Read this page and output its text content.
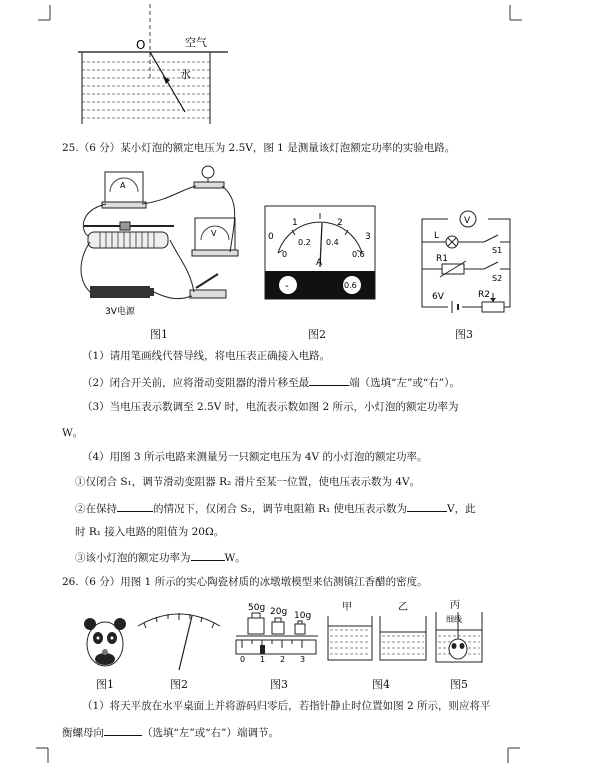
O	空气
水
25.（6 分）某小灯泡的额定电压为 2.5V，图 1 是测量该灯泡额定功率的实验电路。
A
V
3V电源
图1
0
1	2
3
0
0.2 0.4
0.6
A
-	0.6
图2
V
L
S1
R1
S2
6V	R2
图3
（1）请用笔画线代替导线，将电压表正确接入电路。
（2）闭合开关前，应将滑动变阻器的滑片移至最	端（选填“左”或“右”）。
（3）当电压表示数调至 2.5V 时，电流表示数如图 2 所示，小灯泡的额定功率为
W。
（4）用图 3 所示电路来测量另一只额定电压为 4V 的小灯泡的额定功率。
①仅闭合 S₁，调节滑动变阻器 R₂ 滑片至某一位置，使电压表示数为 4V。
②在保持	的情况下，仅闭合 S₂，调节电阻箱 R₁ 使电压表示数为	V，此
时 R₁ 接入电路的阻值为 20Ω。
③该小灯泡的额定功率为	W。
26.（6 分）用图 1 所示的实心陶瓷材质的冰墩墩模型来估测镇江香醋的密度。
图1	图2
50g 20g 10g
0 1 2 3
图3
甲	乙
图4
丙
细线
图5
（1）将天平放在水平桌面上并将游码归零后，若指针静止时位置如图 2 所示，则应将平
衡螺母向	（选填“左”或“右”）端调节。
